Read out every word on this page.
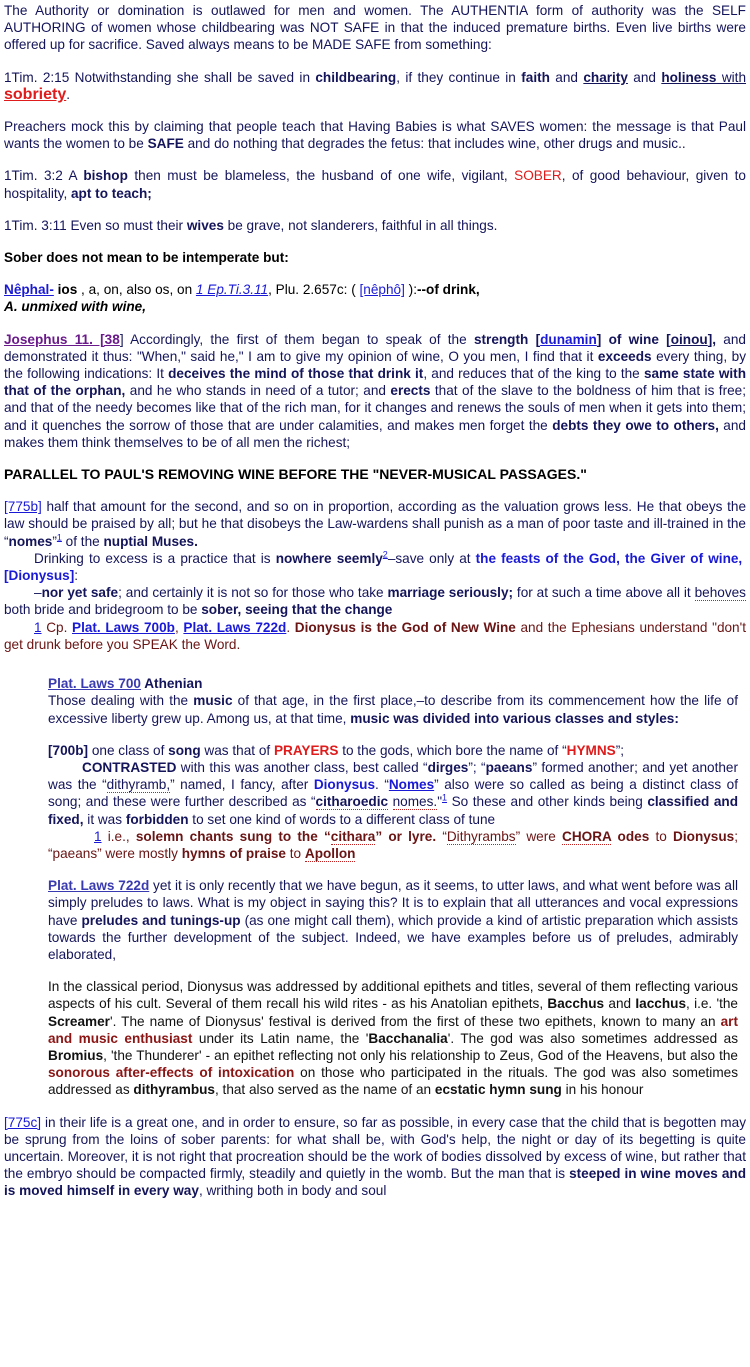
The Authority or domination is outlawed for men and women. The AUTHENTIA form of authority was the SELF AUTHORING of women whose childbearing was NOT SAFE in that the induced premature births. Even live births were offered up for sacrifice. Saved always means to be MADE SAFE from something:

1Tim. 2:15 Notwithstanding she shall be saved in childbearing, if they continue in faith and charity and holiness with sobriety.

Preachers mock this by claiming that people teach that Having Babies is what SAVES women: the message is that Paul wants the women to be SAFE and do nothing that degrades the fetus: that includes wine, other drugs and music..

1Tim. 3:2 A bishop then must be blameless, the husband of one wife, vigilant, SOBER, of good behaviour, given to hospitality, apt to teach;

1Tim. 3:11 Even so must their wives be grave, not slanderers, faithful in all things.

Sober does not mean to be intemperate but:

Nêphal- ios , a, on, also os, on 1 Ep.Ti.3.11, Plu. 2.657c: ( [nêphô] ):--of drink,
A. unmixed with wine,

Josephus 11. [38] Accordingly, the first of them began to speak of the strength [dunamin] of wine [oinou], and demonstrated it thus: "When," said he," I am to give my opinion of wine, O you men, I find that it exceeds every thing, by the following indications: It deceives the mind of those that drink it, and reduces that of the king to the same state with that of the orphan, and he who stands in need of a tutor; and erects that of the slave to the boldness of him that is free; and that of the needy becomes like that of the rich man, for it changes and renews the souls of men when it gets into them; and it quenches the sorrow of those that are under calamities, and makes men forget the debts they owe to others, and makes them think themselves to be of all men the richest;

PARALLEL TO PAUL'S REMOVING WINE BEFORE THE "NEVER-MUSICAL PASSAGES."

[775b] half that amount for the second, and so on in proportion, according as the valuation grows less. He that obeys the law should be praised by all; but he that disobeys the Law-wardens shall punish as a man of poor taste and ill-trained in the “nomes”$^1$ of the nuptial Muses.

Drinking to excess is a practice that is nowhere seemly$^2$–save only at the feasts of the God, the Giver of wine,  [Dionysus]:

–nor yet safe; and certainly it is not so for those who take marriage seriously; for at such a time above all it behoves both bride and bridegroom to be sober, seeing that the change

1 Cp. Plat. Laws 700b, Plat. Laws 722d. Dionysus is the God of New Wine and the Ephesians understand "don't get drunk before you SPEAK the Word.

Plat. Laws 700 Athenian

Those dealing with the music of that age, in the first place,–to describe from its commencement how the life of excessive liberty grew up. Among us, at that time, music was divided into various classes and styles:

[700b] one class of song was that of PRAYERS to the gods, which bore the name of “HYMNS”;
CONTRASTED with this was another class, best called “dirges”; “paeans” formed another; and yet another was the “dithyramb,” named, I fancy, after Dionysus. “Nomes” also were so called as being a distinct class of song; and these were further described as “citharoedic nomes."$^1$ So these and other kinds being classified and fixed, it was forbidden to set one kind of words to a different class of tune

1 i.e., solemn chants sung to the “cithara” or lyre. “Dithyrambs” were CHORA odes to Dionysus; “paeans” were mostly hymns of praise to Apollon

Plat. Laws 722d yet it is only recently that we have begun, as it seems, to utter laws, and what went before was all simply preludes to laws. What is my object in saying this? It is to explain that all utterances and vocal expressions have preludes and tunings-up (as one might call them), which provide a kind of artistic preparation which assists towards the further development of the subject. Indeed, we have examples before us of preludes, admirably elaborated,

In the classical period, Dionysus was addressed by additional epithets and titles, several of them reflecting various aspects of his cult. Several of them recall his wild rites - as his Anatolian epithets, Bacchus and Iacchus, i.e. 'the Screamer'. The name of Dionysus' festival is derived from the first of these two epithets, known to many an art and music enthusiast under its Latin name, the 'Bacchanalia'. The god was also sometimes addressed as Bromius, 'the Thunderer' - an epithet reflecting not only his relationship to Zeus, God of the Heavens, but also the sonorous after-effects of intoxication on those who participated in the rituals. The god was also sometimes addressed as dithyrambus, that also served as the name of an ecstatic hymn sung in his honour

[775c] in their life is a great one, and in order to ensure, so far as possible, in every case that the child that is begotten may be sprung from the loins of sober parents: for what shall be, with God's help, the night or day of its begetting is quite uncertain. Moreover, it is not right that procreation should be the work of bodies dissolved by excess of wine, but rather that the embryo should be compacted firmly, steadily and quietly in the womb. But the man that is steeped in wine moves and is moved himself in every way, writhing both in body and soul
